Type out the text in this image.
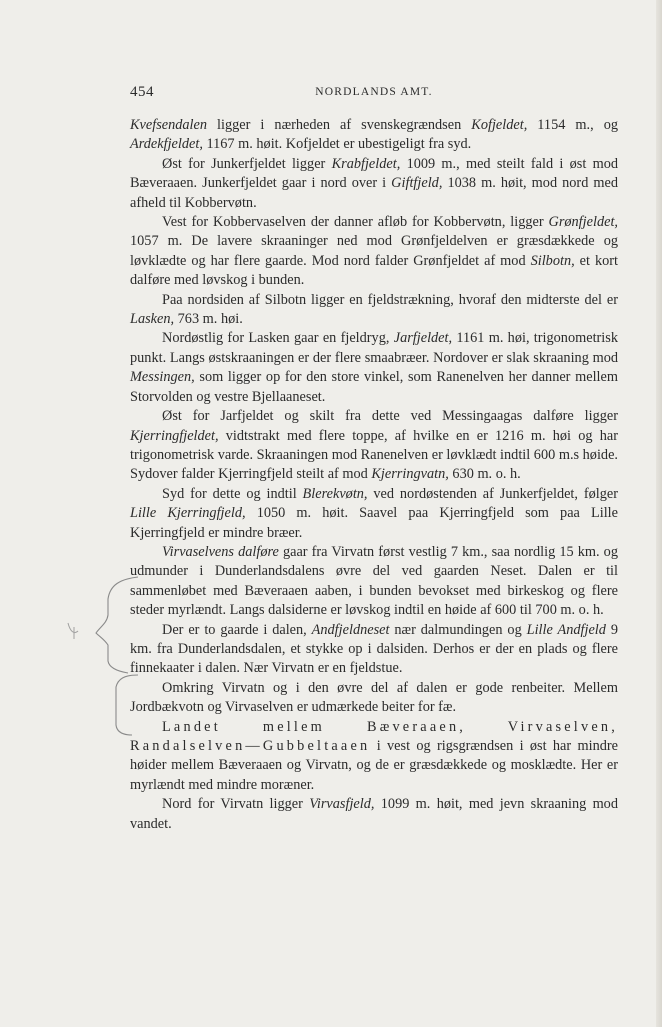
454	NORDLANDS AMT.

Kvefsendalen ligger i nærheden af svenskegrændsen Kofjeldet, 1154 m., og Ardekfjeldet, 1167 m. høit. Kofjeldet er ubestigeligt fra syd.

Øst for Junkerfjeldet ligger Krabfjeldet, 1009 m., med steilt fald i øst mod Bæveraaen. Junkerfjeldet gaar i nord over i Giftfjeld, 1038 m. høit, mod nord med afheld til Kobbervøtn.

Vest for Kobbervaselven der danner afløb for Kobbervøtn, ligger Grønfjeldet, 1057 m. De lavere skraaninger ned mod Grønfjeldelven er græsdækkede og løvklædte og har flere gaarde. Mod nord falder Grønfjeldet af mod Silbotn, et kort dalføre med løvskog i bunden.

Paa nordsiden af Silbotn ligger en fjeldstrækning, hvoraf den midterste del er Lasken, 763 m. høi.

Nordøstlig for Lasken gaar en fjeldryg, Jarfjeldet, 1161 m. høi, trigonometrisk punkt. Langs østskraaningen er der flere smaabræer. Nordover er slak skraaning mod Messingen, som ligger op for den store vinkel, som Ranenelven her danner mellem Storvolden og vestre Bjellaaneset.

Øst for Jarfjeldet og skilt fra dette ved Messingaagas dalføre ligger Kjerringfjeldet, vidtstrakt med flere toppe, af hvilke en er 1216 m. høi og har trigonometrisk varde. Skraaningen mod Ranenelven er løvklædt indtil 600 m.s høide. Sydover falder Kjerringfjeld steilt af mod Kjerringvatn, 630 m. o. h.

Syd for dette og indtil Blerekvøtn, ved nordøstenden af Junkerfjeldet, følger Lille Kjerringfjeld, 1050 m. høit. Saavel paa Kjerringfjeld som paa Lille Kjerringfjeld er mindre bræer.

Virvaselvens dalføre gaar fra Virvatn først vestlig 7 km., saa nordlig 15 km. og udmunder i Dunderlandsdalens øvre del ved gaarden Neset. Dalen er til sammenløbet med Bæveraaen aaben, i bunden bevokset med birkeskog og flere steder myrlændt. Langs dalsiderne er løvskog indtil en høide af 600 til 700 m. o. h.

Der er to gaarde i dalen, Andfjeldneset nær dalmundingen og Lille Andfjeld 9 km. fra Dunderlandsdalen, et stykke op i dalsiden. Derhos er der en plads og flere finnekaater i dalen. Nær Virvatn er en fjeldstue.

Omkring Virvatn og i den øvre del af dalen er gode renbeiter. Mellem Jordbækvotn og Virvaselven er udmærkede beiter for fæ.

Landet mellem Bæveraaen, Virvaselven, Randalselven—Gubbeltaaen i vest og rigsgrændsen i øst har mindre høider mellem Bæveraaen og Virvatn, og de er græsdækkede og mosklædte. Her er myrlændt med mindre moræner.

Nord for Virvatn ligger Virvasfjeld, 1099 m. høit, med jevn skraaning mod vandet.
